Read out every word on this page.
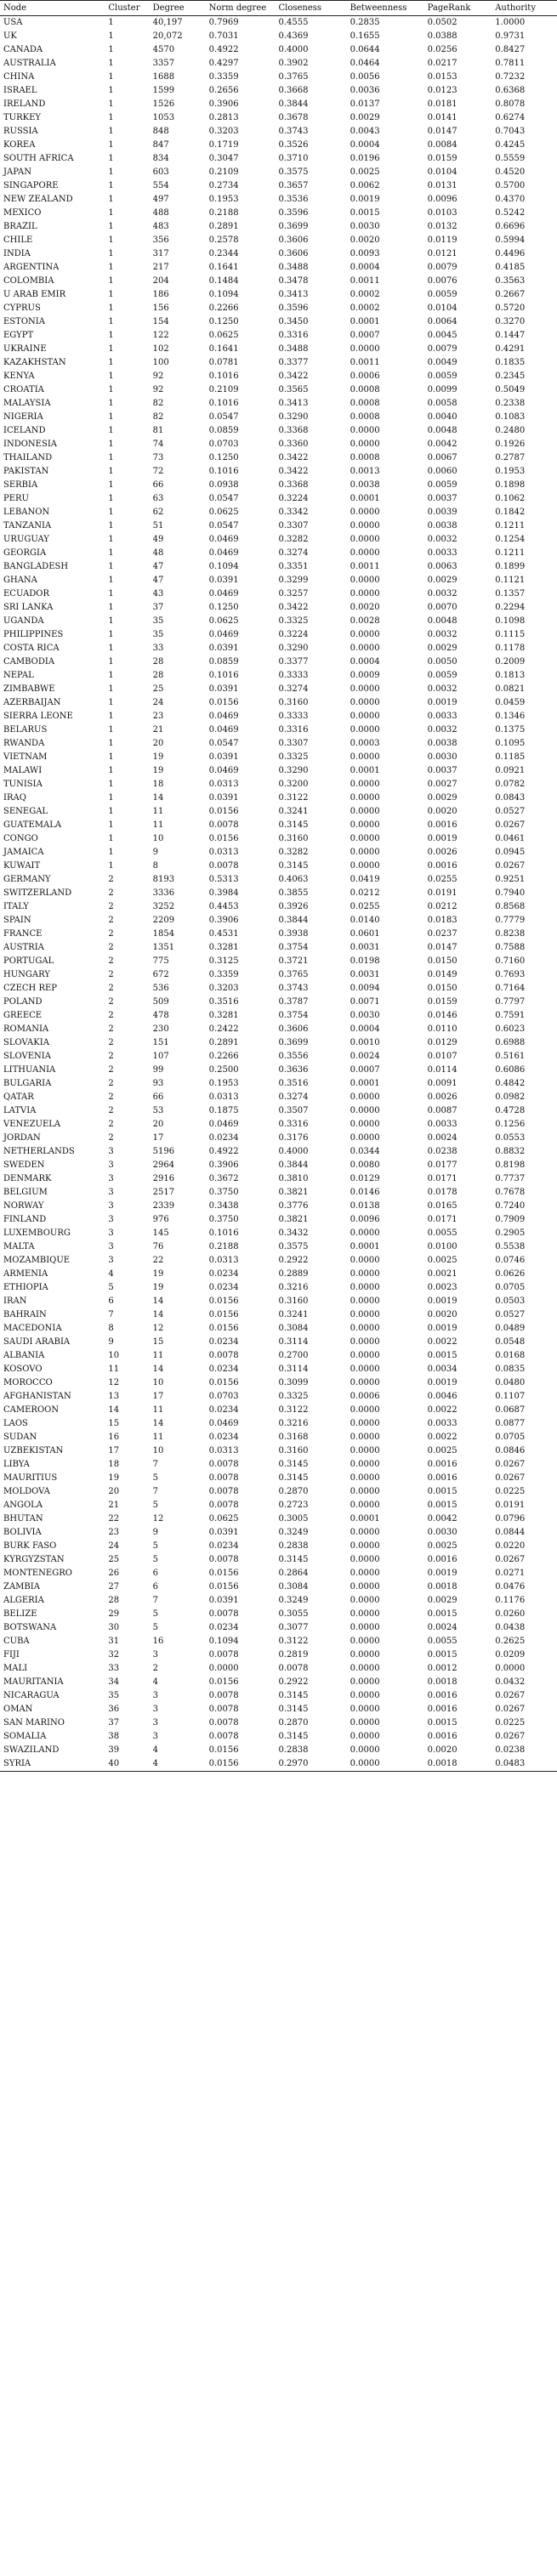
Node	Cluster	Degree	Norm degree	Closeness	Betweenness	PageRank	Authority
USA	1	40,197	0.7969	0.4555	0.2835	0.0502	1.0000
UK	1	20,072	0.7031	0.4369	0.1655	0.0388	0.9731
CANADA	1	4570	0.4922	0.4000	0.0644	0.0256	0.8427
AUSTRALIA	1	3357	0.4297	0.3902	0.0464	0.0217	0.7811
CHINA	1	1688	0.3359	0.3765	0.0056	0.0153	0.7232
ISRAEL	1	1599	0.2656	0.3668	0.0036	0.0123	0.6368
IRELAND	1	1526	0.3906	0.3844	0.0137	0.0181	0.8078
TURKEY	1	1053	0.2813	0.3678	0.0029	0.0141	0.6274
RUSSIA	1	848	0.3203	0.3743	0.0043	0.0147	0.7043
KOREA	1	847	0.1719	0.3526	0.0004	0.0084	0.4245
SOUTH AFRICA	1	834	0.3047	0.3710	0.0196	0.0159	0.5559
JAPAN	1	603	0.2109	0.3575	0.0025	0.0104	0.4520
SINGAPORE	1	554	0.2734	0.3657	0.0062	0.0131	0.5700
NEW ZEALAND	1	497	0.1953	0.3536	0.0019	0.0096	0.4370
MEXICO	1	488	0.2188	0.3596	0.0015	0.0103	0.5242
BRAZIL	1	483	0.2891	0.3699	0.0030	0.0132	0.6696
CHILE	1	356	0.2578	0.3606	0.0020	0.0119	0.5994
INDIA	1	317	0.2344	0.3606	0.0093	0.0121	0.4496
ARGENTINA	1	217	0.1641	0.3488	0.0004	0.0079	0.4185
COLOMBIA	1	204	0.1484	0.3478	0.0011	0.0076	0.3563
U ARAB EMIR	1	186	0.1094	0.3413	0.0002	0.0059	0.2667
CYPRUS	1	156	0.2266	0.3596	0.0002	0.0104	0.5720
ESTONIA	1	154	0.1250	0.3450	0.0001	0.0064	0.3270
EGYPT	1	122	0.0625	0.3316	0.0007	0.0045	0.1447
UKRAINE	1	102	0.1641	0.3488	0.0000	0.0079	0.4291
KAZAKHSTAN	1	100	0.0781	0.3377	0.0011	0.0049	0.1835
KENYA	1	92	0.1016	0.3422	0.0006	0.0059	0.2345
CROATIA	1	92	0.2109	0.3565	0.0008	0.0099	0.5049
MALAYSIA	1	82	0.1016	0.3413	0.0008	0.0058	0.2338
NIGERIA	1	82	0.0547	0.3290	0.0008	0.0040	0.1083
ICELAND	1	81	0.0859	0.3368	0.0000	0.0048	0.2480
INDONESIA	1	74	0.0703	0.3360	0.0000	0.0042	0.1926
THAILAND	1	73	0.1250	0.3422	0.0008	0.0067	0.2787
PAKISTAN	1	72	0.1016	0.3422	0.0013	0.0060	0.1953
SERBIA	1	66	0.0938	0.3368	0.0038	0.0059	0.1898
PERU	1	63	0.0547	0.3224	0.0001	0.0037	0.1062
LEBANON	1	62	0.0625	0.3342	0.0000	0.0039	0.1842
TANZANIA	1	51	0.0547	0.3307	0.0000	0.0038	0.1211
URUGUAY	1	49	0.0469	0.3282	0.0000	0.0032	0.1254
GEORGIA	1	48	0.0469	0.3274	0.0000	0.0033	0.1211
BANGLADESH	1	47	0.1094	0.3351	0.0011	0.0063	0.1899
GHANA	1	47	0.0391	0.3299	0.0000	0.0029	0.1121
ECUADOR	1	43	0.0469	0.3257	0.0000	0.0032	0.1357
SRI LANKA	1	37	0.1250	0.3422	0.0020	0.0070	0.2294
UGANDA	1	35	0.0625	0.3325	0.0028	0.0048	0.1098
PHILIPPINES	1	35	0.0469	0.3224	0.0000	0.0032	0.1115
COSTA RICA	1	33	0.0391	0.3290	0.0000	0.0029	0.1178
CAMBODIA	1	28	0.0859	0.3377	0.0004	0.0050	0.2009
NEPAL	1	28	0.1016	0.3333	0.0009	0.0059	0.1813
ZIMBABWE	1	25	0.0391	0.3274	0.0000	0.0032	0.0821
AZERBAIJAN	1	24	0.0156	0.3160	0.0000	0.0019	0.0459
SIERRA LEONE	1	23	0.0469	0.3333	0.0000	0.0033	0.1346
BELARUS	1	21	0.0469	0.3316	0.0000	0.0032	0.1375
RWANDA	1	20	0.0547	0.3307	0.0003	0.0038	0.1095
VIETNAM	1	19	0.0391	0.3325	0.0000	0.0030	0.1185
MALAWI	1	19	0.0469	0.3290	0.0001	0.0037	0.0921
TUNISIA	1	18	0.0313	0.3200	0.0000	0.0027	0.0782
IRAQ	1	14	0.0391	0.3122	0.0000	0.0029	0.0843
SENEGAL	1	11	0.0156	0.3241	0.0000	0.0020	0.0527
GUATEMALA	1	11	0.0078	0.3145	0.0000	0.0016	0.0267
CONGO	1	10	0.0156	0.3160	0.0000	0.0019	0.0461
JAMAICA	1	9	0.0313	0.3282	0.0000	0.0026	0.0945
KUWAIT	1	8	0.0078	0.3145	0.0000	0.0016	0.0267
GERMANY	2	8193	0.5313	0.4063	0.0419	0.0255	0.9251
SWITZERLAND	2	3336	0.3984	0.3855	0.0212	0.0191	0.7940
ITALY	2	3252	0.4453	0.3926	0.0255	0.0212	0.8568
SPAIN	2	2209	0.3906	0.3844	0.0140	0.0183	0.7779
FRANCE	2	1854	0.4531	0.3938	0.0601	0.0237	0.8238
AUSTRIA	2	1351	0.3281	0.3754	0.0031	0.0147	0.7588
PORTUGAL	2	775	0.3125	0.3721	0.0198	0.0150	0.7160
HUNGARY	2	672	0.3359	0.3765	0.0031	0.0149	0.7693
CZECH REP	2	536	0.3203	0.3743	0.0094	0.0150	0.7164
POLAND	2	509	0.3516	0.3787	0.0071	0.0159	0.7797
GREECE	2	478	0.3281	0.3754	0.0030	0.0146	0.7591
ROMANIA	2	230	0.2422	0.3606	0.0004	0.0110	0.6023
SLOVAKIA	2	151	0.2891	0.3699	0.0010	0.0129	0.6988
SLOVENIA	2	107	0.2266	0.3556	0.0024	0.0107	0.5161
LITHUANIA	2	99	0.2500	0.3636	0.0007	0.0114	0.6086
BULGARIA	2	93	0.1953	0.3516	0.0001	0.0091	0.4842
QATAR	2	66	0.0313	0.3274	0.0000	0.0026	0.0982
LATVIA	2	53	0.1875	0.3507	0.0000	0.0087	0.4728
VENEZUELA	2	20	0.0469	0.3316	0.0000	0.0033	0.1256
JORDAN	2	17	0.0234	0.3176	0.0000	0.0024	0.0553
NETHERLANDS	3	5196	0.4922	0.4000	0.0344	0.0238	0.8832
SWEDEN	3	2964	0.3906	0.3844	0.0080	0.0177	0.8198
DENMARK	3	2916	0.3672	0.3810	0.0129	0.0171	0.7737
BELGIUM	3	2517	0.3750	0.3821	0.0146	0.0178	0.7678
NORWAY	3	2339	0.3438	0.3776	0.0138	0.0165	0.7240
FINLAND	3	976	0.3750	0.3821	0.0096	0.0171	0.7909
LUXEMBOURG	3	145	0.1016	0.3432	0.0000	0.0055	0.2905
MALTA	3	76	0.2188	0.3575	0.0001	0.0100	0.5538
MOZAMBIQUE	3	22	0.0313	0.2922	0.0000	0.0025	0.0746
ARMENIA	4	19	0.0234	0.2889	0.0000	0.0021	0.0626
ETHIOPIA	5	19	0.0234	0.3216	0.0000	0.0023	0.0705
IRAN	6	14	0.0156	0.3160	0.0000	0.0019	0.0503
BAHRAIN	7	14	0.0156	0.3241	0.0000	0.0020	0.0527
MACEDONIA	8	12	0.0156	0.3084	0.0000	0.0019	0.0489
SAUDI ARABIA	9	15	0.0234	0.3114	0.0000	0.0022	0.0548
ALBANIA	10	11	0.0078	0.2700	0.0000	0.0015	0.0168
KOSOVO	11	14	0.0234	0.3114	0.0000	0.0034	0.0835
MOROCCO	12	10	0.0156	0.3099	0.0000	0.0019	0.0480
AFGHANISTAN	13	17	0.0703	0.3325	0.0006	0.0046	0.1107
CAMEROON	14	11	0.0234	0.3122	0.0000	0.0022	0.0687
LAOS	15	14	0.0469	0.3216	0.0000	0.0033	0.0877
SUDAN	16	11	0.0234	0.3168	0.0000	0.0022	0.0705
UZBEKISTAN	17	10	0.0313	0.3160	0.0000	0.0025	0.0846
LIBYA	18	7	0.0078	0.3145	0.0000	0.0016	0.0267
MAURITIUS	19	5	0.0078	0.3145	0.0000	0.0016	0.0267
MOLDOVA	20	7	0.0078	0.2870	0.0000	0.0015	0.0225
ANGOLA	21	5	0.0078	0.2723	0.0000	0.0015	0.0191
BHUTAN	22	12	0.0625	0.3005	0.0001	0.0042	0.0796
BOLIVIA	23	9	0.0391	0.3249	0.0000	0.0030	0.0844
BURK FASO	24	5	0.0234	0.2838	0.0000	0.0025	0.0220
KYRGYZSTAN	25	5	0.0078	0.3145	0.0000	0.0016	0.0267
MONTENEGRO	26	6	0.0156	0.2864	0.0000	0.0019	0.0271
ZAMBIA	27	6	0.0156	0.3084	0.0000	0.0018	0.0476
ALGERIA	28	7	0.0391	0.3249	0.0000	0.0029	0.1176
BELIZE	29	5	0.0078	0.3055	0.0000	0.0015	0.0260
BOTSWANA	30	5	0.0234	0.3077	0.0000	0.0024	0.0438
CUBA	31	16	0.1094	0.3122	0.0000	0.0055	0.2625
FIJI	32	3	0.0078	0.2819	0.0000	0.0015	0.0209
MALI	33	2	0.0000	0.0078	0.0000	0.0012	0.0000
MAURITANIA	34	4	0.0156	0.2922	0.0000	0.0018	0.0432
NICARAGUA	35	3	0.0078	0.3145	0.0000	0.0016	0.0267
OMAN	36	3	0.0078	0.3145	0.0000	0.0016	0.0267
SAN MARINO	37	3	0.0078	0.2870	0.0000	0.0015	0.0225
SOMALIA	38	3	0.0078	0.3145	0.0000	0.0016	0.0267
SWAZILAND	39	4	0.0156	0.2838	0.0000	0.0020	0.0238
SYRIA	40	4	0.0156	0.2970	0.0000	0.0018	0.0483
